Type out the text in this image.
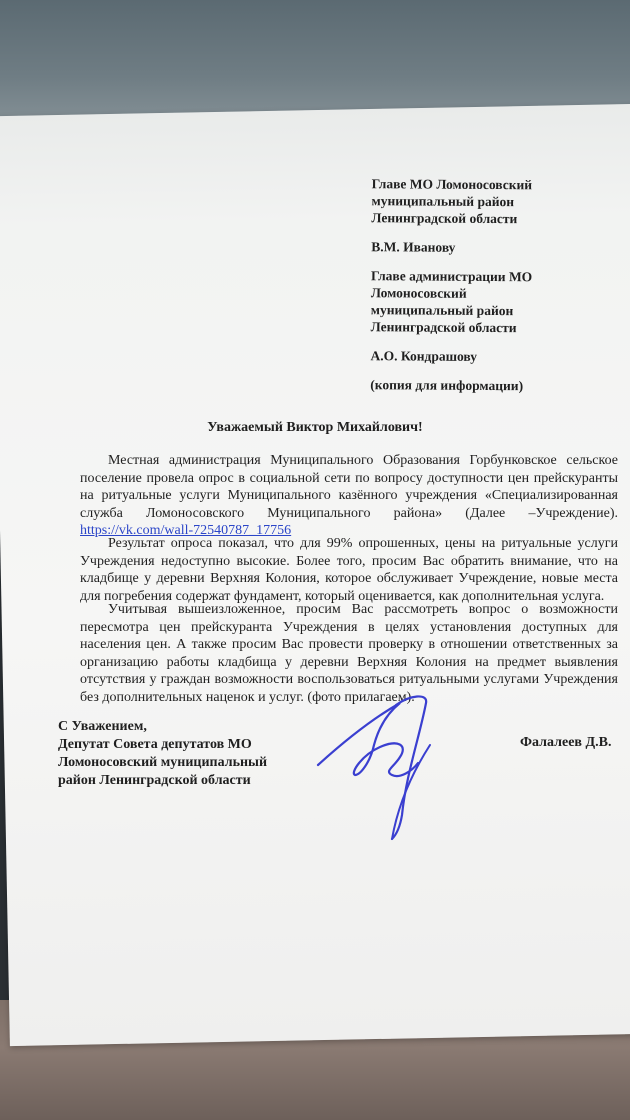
Главе МО Ломоносовский
муниципальный район
Ленинградской области
В.М. Иванову
Главе администрации МО
Ломоносовский
муниципальный район
Ленинградской области
А.О. Кондрашову
(копия для информации)
Уважаемый Виктор Михайлович!
Местная администрация Муниципального Образования Горбунковское сельское поселение провела опрос в социальной сети по вопросу доступности цен прейскуранты на ритуальные услуги Муниципального казённого учреждения «Специализированная служба Ломоносовского Муниципального района» (Далее –Учреждение). https://vk.com/wall-72540787_17756
Результат опроса показал, что для 99% опрошенных, цены на ритуальные услуги Учреждения недоступно высокие. Более того, просим Вас обратить внимание, что на кладбище у деревни Верхняя Колония, которое обслуживает Учреждение, новые места для погребения содержат фундамент, который оценивается, как дополнительная услуга.
Учитывая вышеизложенное, просим Вас рассмотреть вопрос о возможности пересмотра цен прейскуранта Учреждения в целях установления доступных для населения цен. А также просим Вас провести проверку в отношении ответственных за организацию работы кладбища у деревни Верхняя Колония на предмет выявления отсутствия у граждан возможности воспользоваться ритуальными услугами Учреждения без дополнительных наценок и услуг. (фото прилагаем).
С Уважением,
Депутат Совета депутатов МО
Ломоносовский муниципальный
район Ленинградской области
Фалалеев Д.В.
